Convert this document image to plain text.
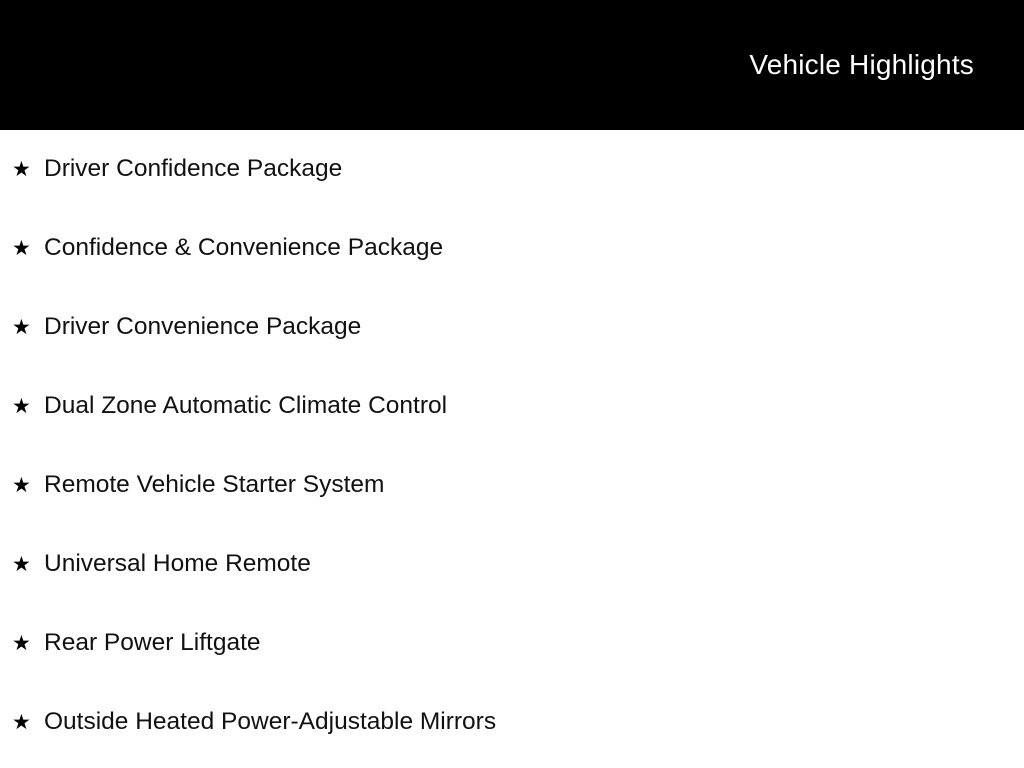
Vehicle Highlights
★ Driver Confidence Package
★ Confidence & Convenience Package
★ Driver Convenience Package
★ Dual Zone Automatic Climate Control
★ Remote Vehicle Starter System
★ Universal Home Remote
★ Rear Power Liftgate
★ Outside Heated Power-Adjustable Mirrors
